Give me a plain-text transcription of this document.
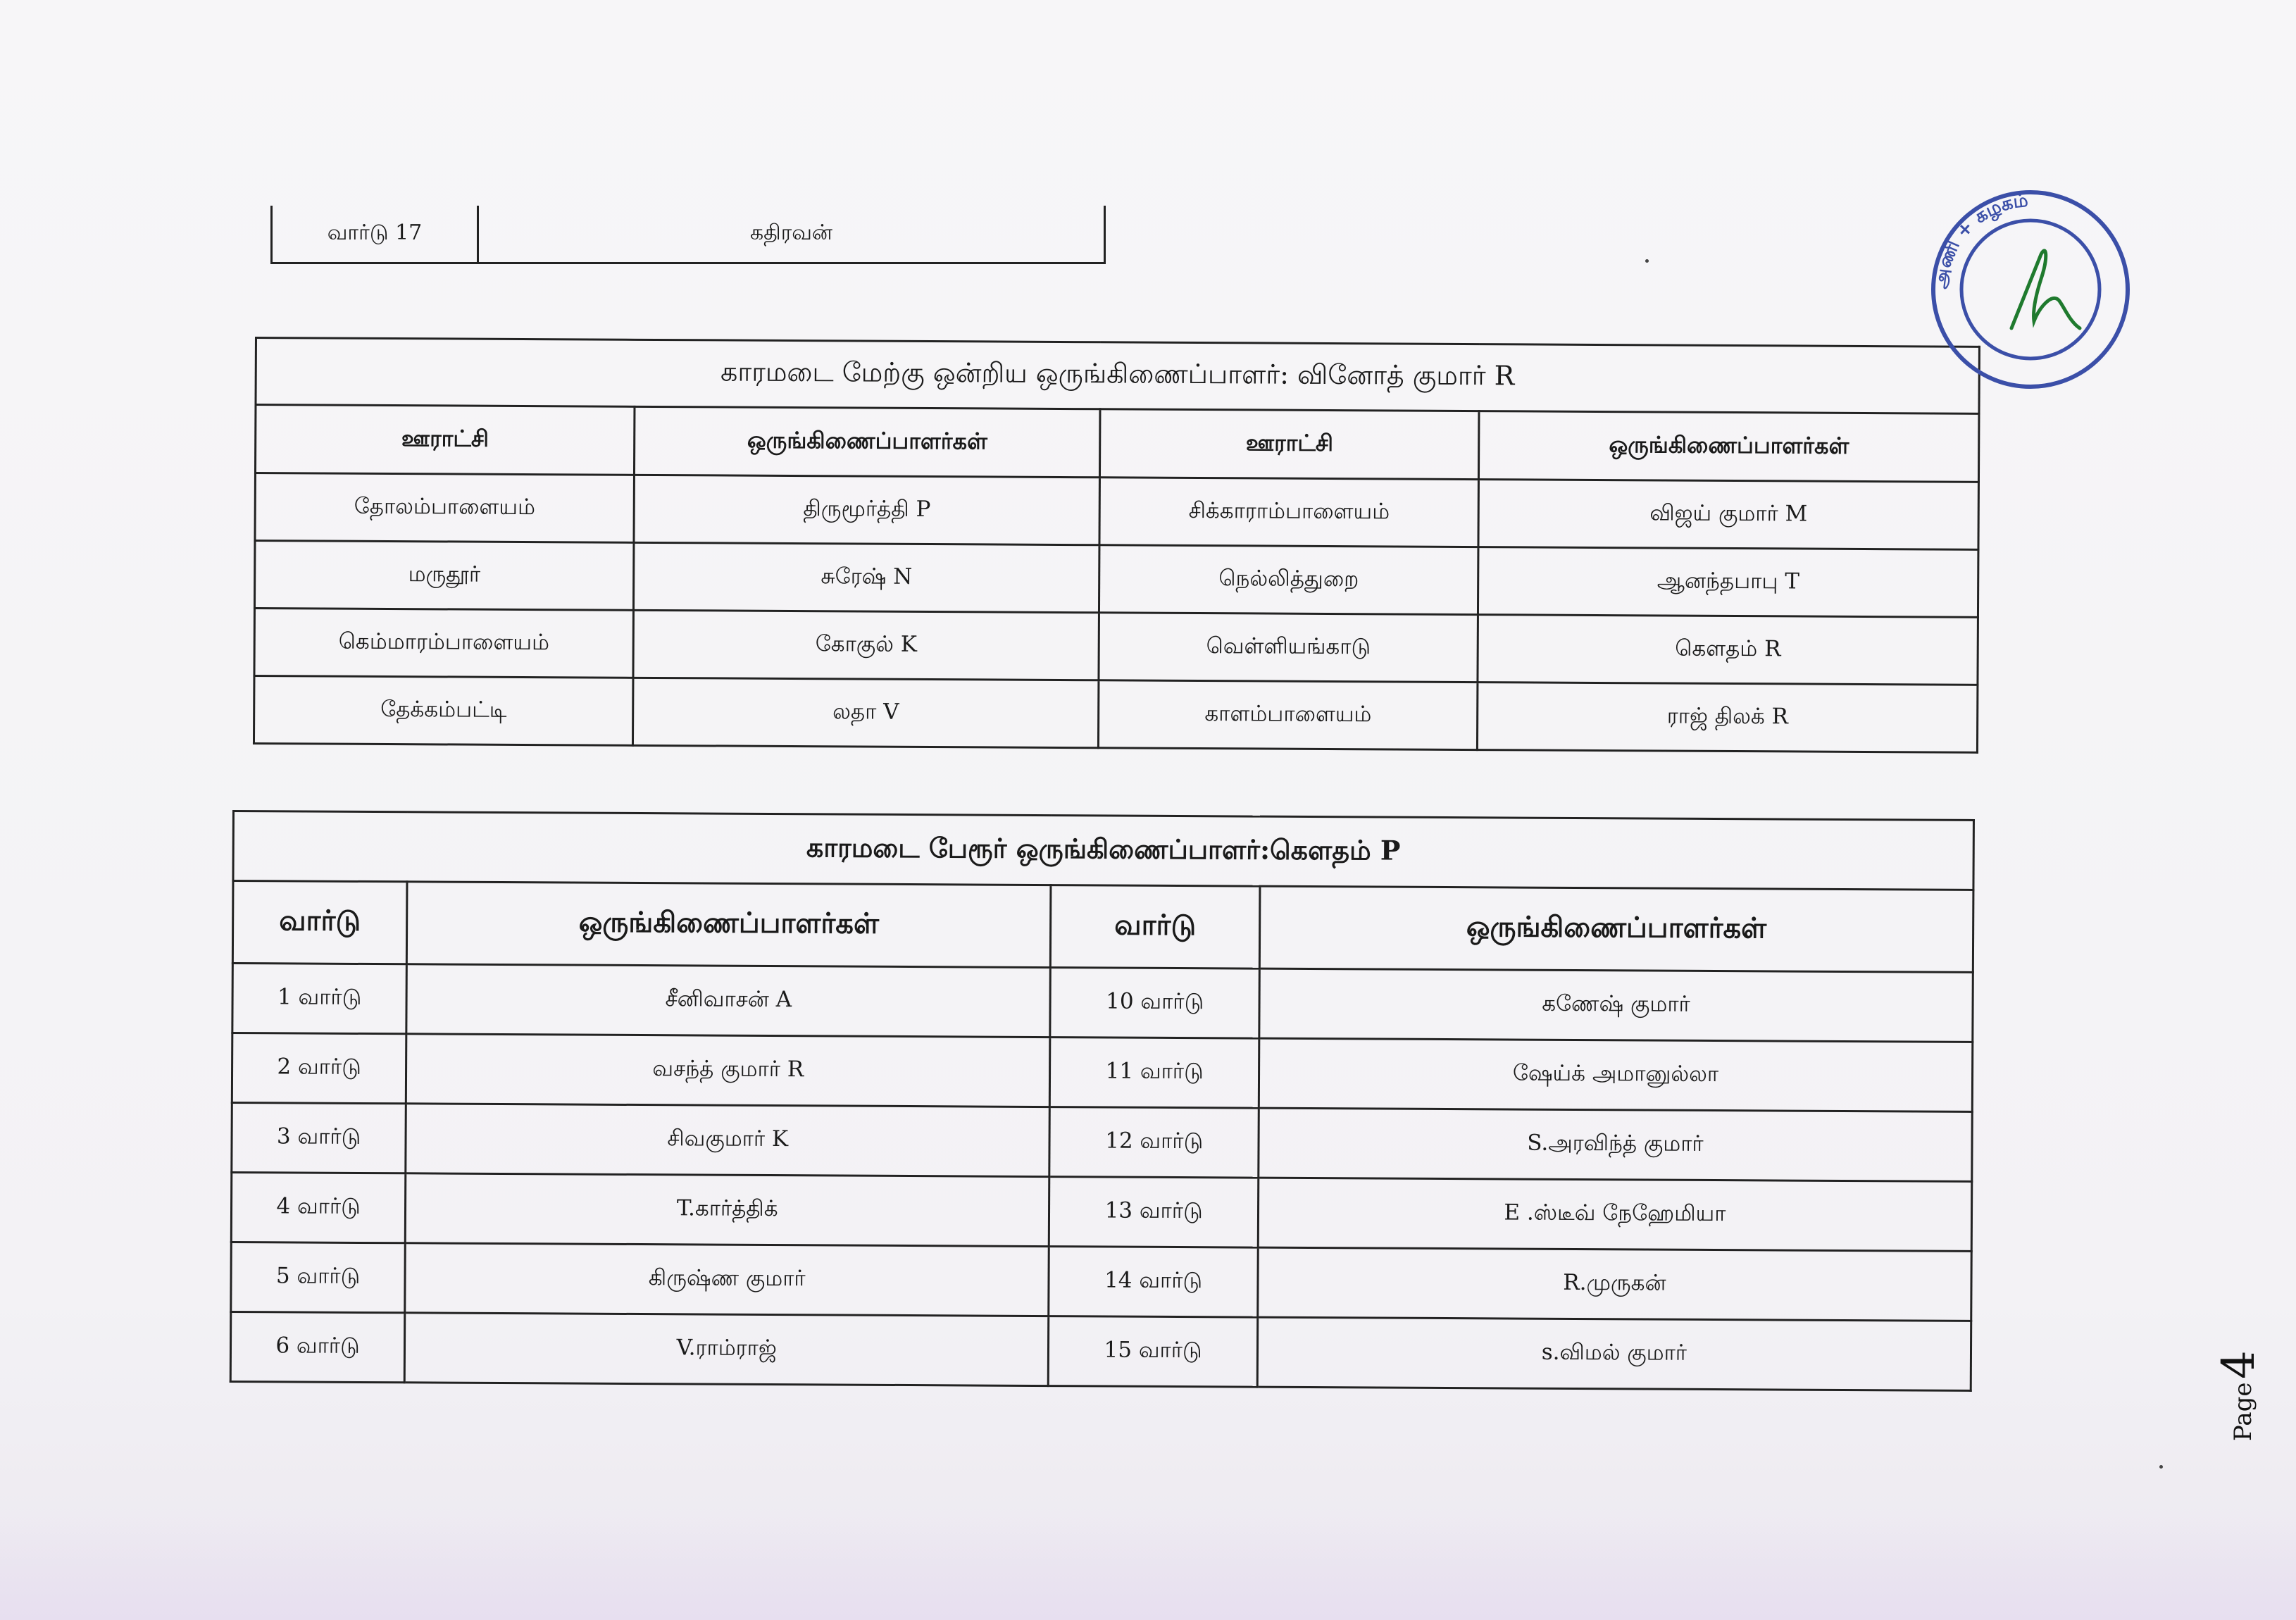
வார்டு 17	கதிரவன்
காரமடை மேற்கு ஒன்றிய ஒருங்கிணைப்பாளர்: வினோத் குமார் R			
ஊராட்சி	ஒருங்கிணைப்பாளர்கள்	ஊராட்சி	ஒருங்கிணைப்பாளர்கள்
தோலம்பாளையம்	திருமூர்த்தி P	சிக்காராம்பாளையம்	விஜய் குமார் M
மருதூர்	சுரேஷ் N	நெல்லித்துறை	ஆனந்தபாபு T
கெம்மாரம்பாளையம்	கோகுல் K	வெள்ளியங்காடு	கௌதம் R
தேக்கம்பட்டி	லதா V	காளம்பாளையம்	ராஜ் திலக் R
காரமடை பேரூர் ஒருங்கிணைப்பாளர்:கௌதம் P			
வார்டு	ஒருங்கிணைப்பாளர்கள்	வார்டு	ஒருங்கிணைப்பாளர்கள்
1 வார்டு	சீனிவாசன் A	10 வார்டு	கணேஷ் குமார்
2 வார்டு	வசந்த் குமார் R	11 வார்டு	ஷேய்க் அமானுல்லா
3 வார்டு	சிவகுமார் K	12 வார்டு	S.அரவிந்த் குமார்
4 வார்டு	T.கார்த்திக்	13 வார்டு	E .ஸ்டீவ் நேஹேமியா
5 வார்டு	கிருஷ்ண குமார்	14 வார்டு	R.முருகன்
6 வார்டு	V.ராம்ராஜ்	15 வார்டு	s.விமல் குமார்
அணி + கழகம்
Page
4
